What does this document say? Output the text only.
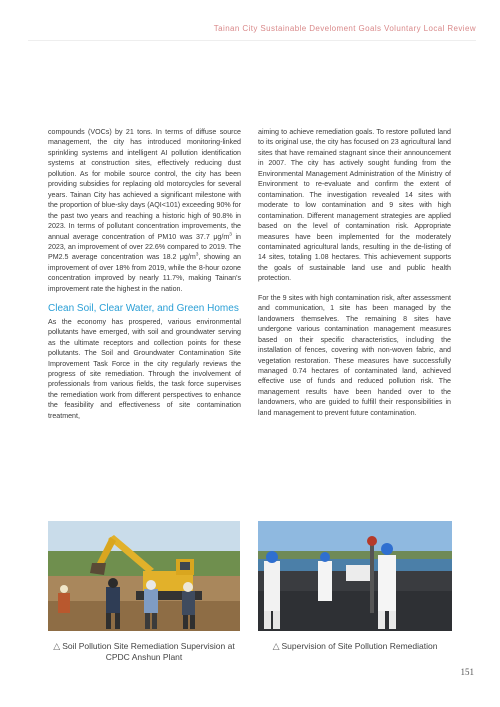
Tainan City Sustainable Develoment Goals Voluntary Local Review

compounds (VOCs) by 21 tons. In terms of diffuse source management, the city has introduced monitoring-linked sprinkling systems and intelligent AI pollution identification systems at construction sites, effectively reducing dust pollution. As for mobile source control, the city has been providing subsidies for replacing old motorcycles for several years. Tainan City has achieved a significant milestone with the proportion of blue-sky days (AQI<101) exceeding 90% for the past two years and reaching a historic high of 90.8% in 2023. In terms of pollutant concentration improvements, the annual average concentration of PM10 was 37.7 $\mu g/m^3$ in 2023, an improvement of over 22.6% compared to 2019. The PM2.5 average concentration was 18.2 $\mu g/m^3$, showing an improvement of over 18% from 2019, while the 8-hour ozone concentration improved by nearly 11.7%, making Tainan's improvement rate the highest in the nation.

Clean Soil, Clear Water, and Green Homes

As the economy has prospered, various environmental pollutants have emerged, with soil and groundwater serving as the ultimate receptors and collection points for these pollutants. The Soil and Groundwater Contamination Site Improvement Task Force in the city regularly reviews the progress of site remediation. Through the involvement of professionals from various fields, the task force supervises the remediation work from different perspectives to enhance the feasibility and effectiveness of site contamination treatment,

aiming to achieve remediation goals. To restore polluted land to its original use, the city has focused on 23 agricultural land sites that have remained stagnant since their announcement in 2007. The city has actively sought funding from the Environmental Management Administration of the Ministry of Environment to re-evaluate and confirm the extent of contamination. The investigation revealed 14 sites with moderate to low contamination and 9 sites with high contamination. Different management strategies are applied based on the level of contamination risk. Appropriate measures have been implemented for the moderately contaminated agricultural lands, resulting in the de-listing of 14 sites, totaling 1.08 hectares. This achievement supports the goals of sustainable land use and public health protection.

For the 9 sites with high contamination risk, after assessment and communication, 1 site has been managed by the landowners themselves. The remaining 8 sites have undergone various contamination management measures based on their specific characteristics, including the installation of fences, covering with non-woven fabric, and vegetation restoration. These measures have successfully managed 0.74 hectares of contaminated land, achieved effective use of funds and reduced pollution risk. The management results have been handed over to the landowners, who are guided to fulfill their responsibilities in land management to prevent future contamination.

△ Soil Pollution Site Remediation Supervision at CPDC Anshun Plant
△ Supervision of Site Pollution Remediation
151
